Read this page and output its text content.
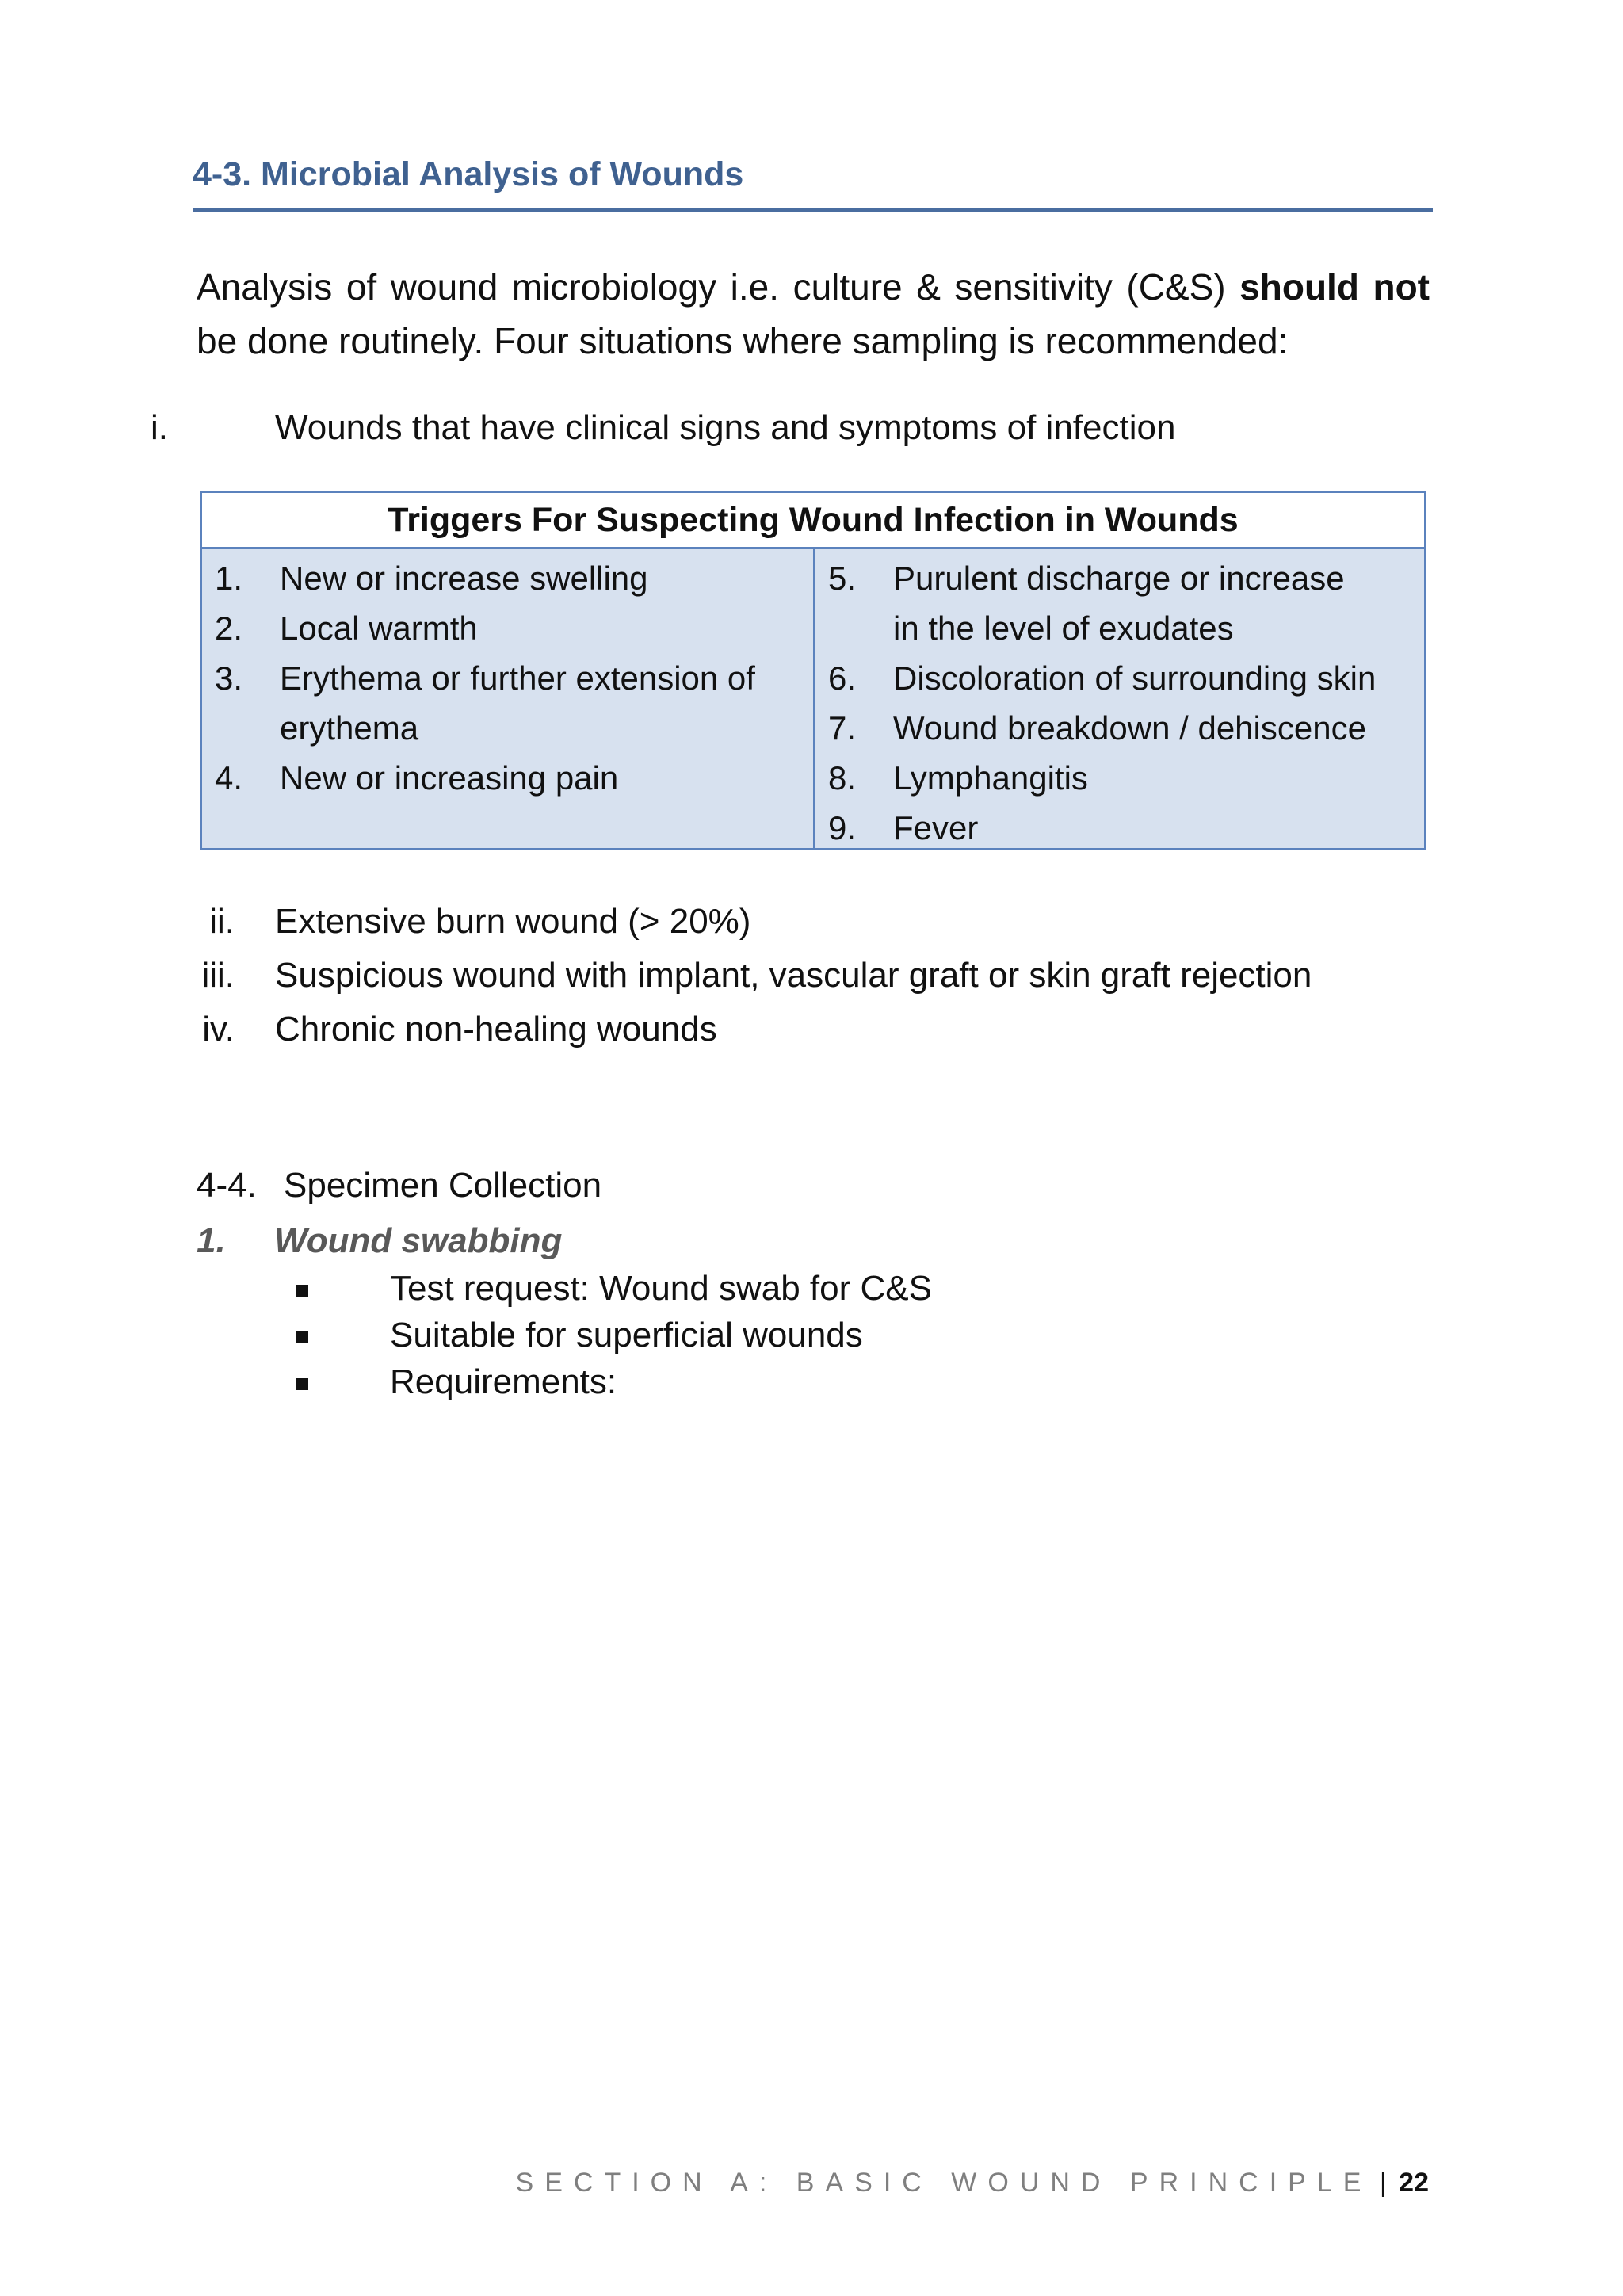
4-3. Microbial Analysis of Wounds
Analysis of wound microbiology i.e. culture & sensitivity (C&S) should not be done routinely. Four situations where sampling is recommended:
i.	Wounds that have clinical signs and symptoms of infection
Triggers For Suspecting Wound Infection in Wounds
1. New or increase swelling
2. Local warmth
3. Erythema or further extension of erythema
4. New or increasing pain
5. Purulent discharge or increase in the level of exudates
6. Discoloration of surrounding skin
7. Wound breakdown / dehiscence
8. Lymphangitis
9. Fever
ii. Extensive burn wound (> 20%)
iii. Suspicious wound with implant, vascular graft or skin graft rejection
iv. Chronic non-healing wounds
4-4. Specimen Collection
1. Wound swabbing
Test request: Wound swab for C&S
Suitable for superficial wounds
Requirements:
SECTION A: BASIC WOUND PRINCIPLE | 22
